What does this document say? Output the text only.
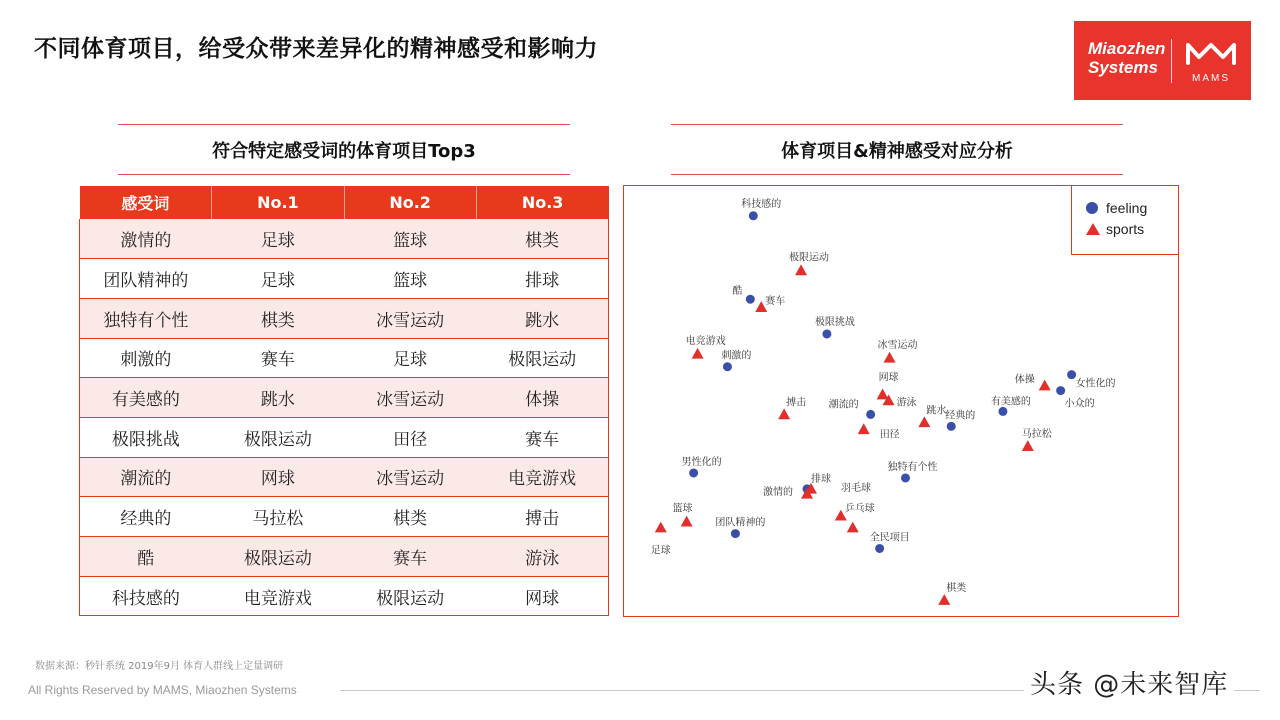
不同体育项目，给受众带来差异化的精神感受和影响力	Miaozhen
Systems
MAMS
符合特定感受词的体育项目Top3	体育项目&精神感受对应分析
感受词	No.1	No.2	No.3
激情的	足球	篮球	棋类
团队精神的	足球	篮球	排球
独特有个性	棋类	冰雪运动	跳水
刺激的	赛车	足球	极限运动
有美感的	跳水	冰雪运动	体操
极限挑战	极限运动	田径	赛车
潮流的	网球	冰雪运动	电竞游戏
经典的	马拉松	棋类	搏击
酷	极限运动	赛车	游泳
科技感的	电竞游戏	极限运动	网球
科技感的
酷
极限挑战
刺激的
女性化的
小众的
有美感的
潮流的
经典的
男性化的	独特有个性
激情的
团队精神的
全民项目
极限运动
赛车
冰雪运动
电竞游戏
体操
网球
游泳
搏击
跳水
田径	马拉松
排球
羽毛球
篮球	乒乓球
足球
棋类
feeling
sports
数据来源：秒针系统 2019年9月 体育人群线上定量调研
All Rights Reserved by MAMS, Miaozhen Systems	头条 @未来智库
